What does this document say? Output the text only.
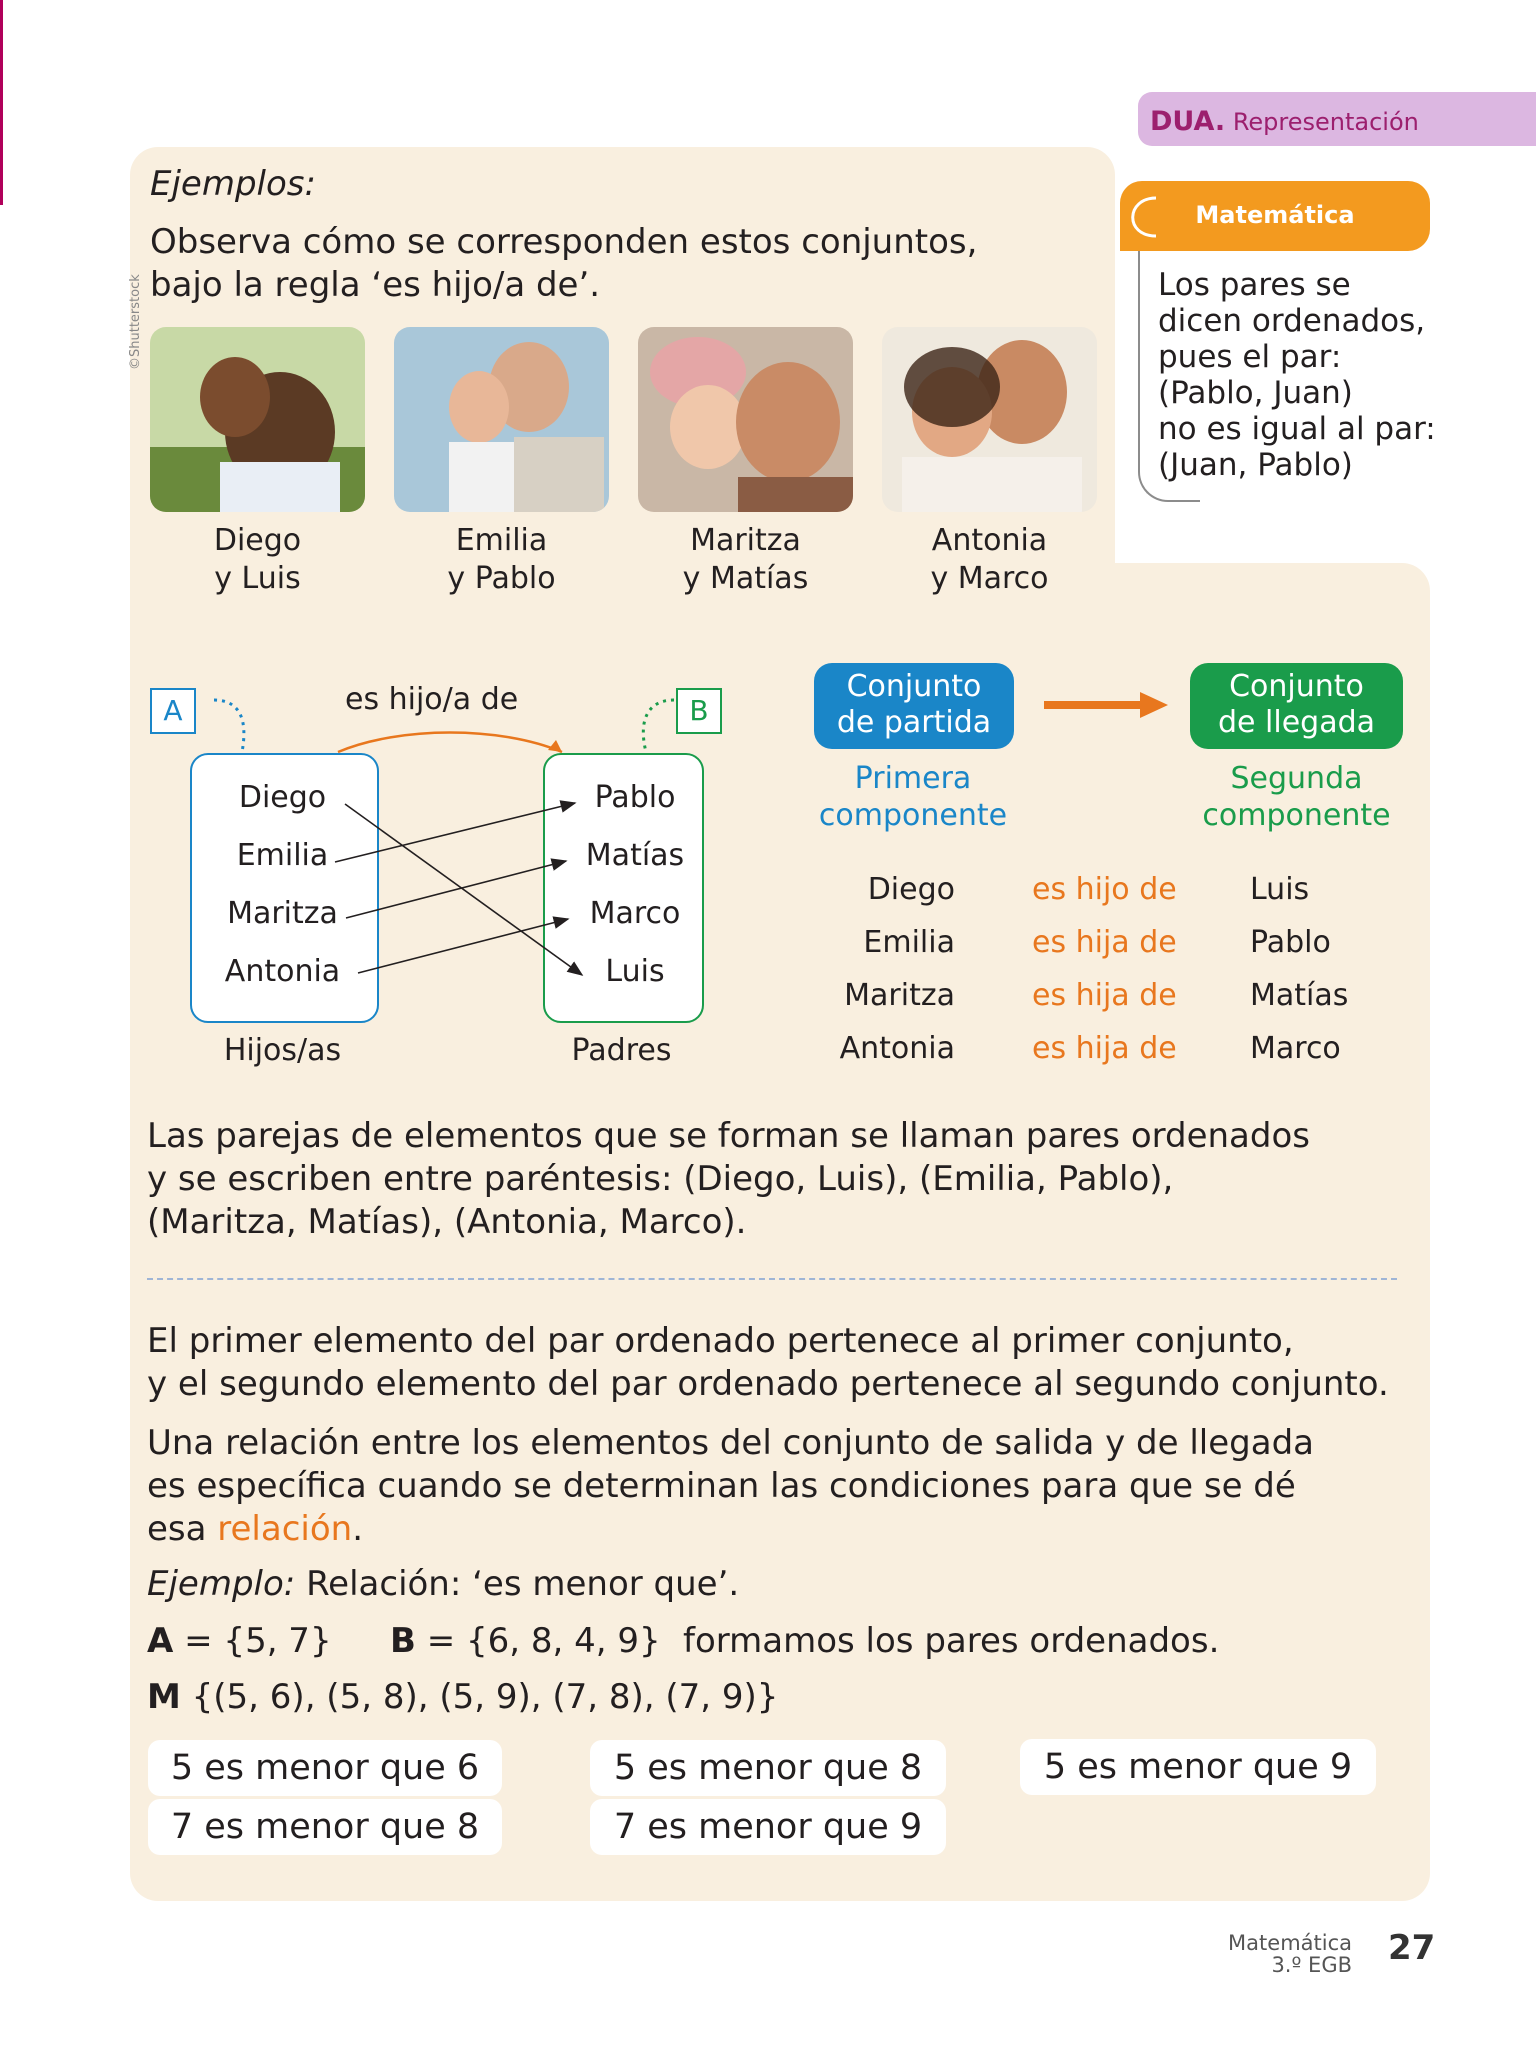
DUA. Representación
Ejemplos:
Observa cómo se corresponden estos conjuntos,
bajo la regla ‘es hijo/a de’.
©Shutterstock
Diego
y Luis
Emilia
y Pablo
Maritza
y Matías
Antonia
y Marco
Matemática
Los pares se
dicen ordenados,
pues el par:
(Pablo, Juan)
no es igual al par:
(Juan, Pablo)
A	B
es hijo/a de
Diego
Emilia
Maritza
Antonia
Pablo
Matías
Marco
Luis
Hijos/as	Padres
Conjunto
de partida
Conjunto
de llegada
Primera
componente
Segunda
componente
Diego	es hijo de Luis
Emilia	es hija de Pablo
Maritza	es hija de Matías
Antonia	es hija de Marco
Las parejas de elementos que se forman se llaman pares ordenados
y se escriben entre paréntesis: (Diego, Luis), (Emilia, Pablo),
(Maritza, Matías), (Antonia, Marco).
El primer elemento del par ordenado pertenece al primer conjunto,
y el segundo elemento del par ordenado pertenece al segundo conjunto.
Una relación entre los elementos del conjunto de salida y de llegada
es específica cuando se determinan las condiciones para que se dé
esa relación.
Ejemplo: Relación: ‘es menor que’.
A = {5, 7} B = {6, 8, 4, 9} formamos los pares ordenados.
M {(5, 6), (5, 8), (5, 9), (7, 8), (7, 9)}
5 es menor que 6	5 es menor que 8	5 es menor que 9
7 es menor que 8	7 es menor que 9
Matemática
3.º EGB 27
